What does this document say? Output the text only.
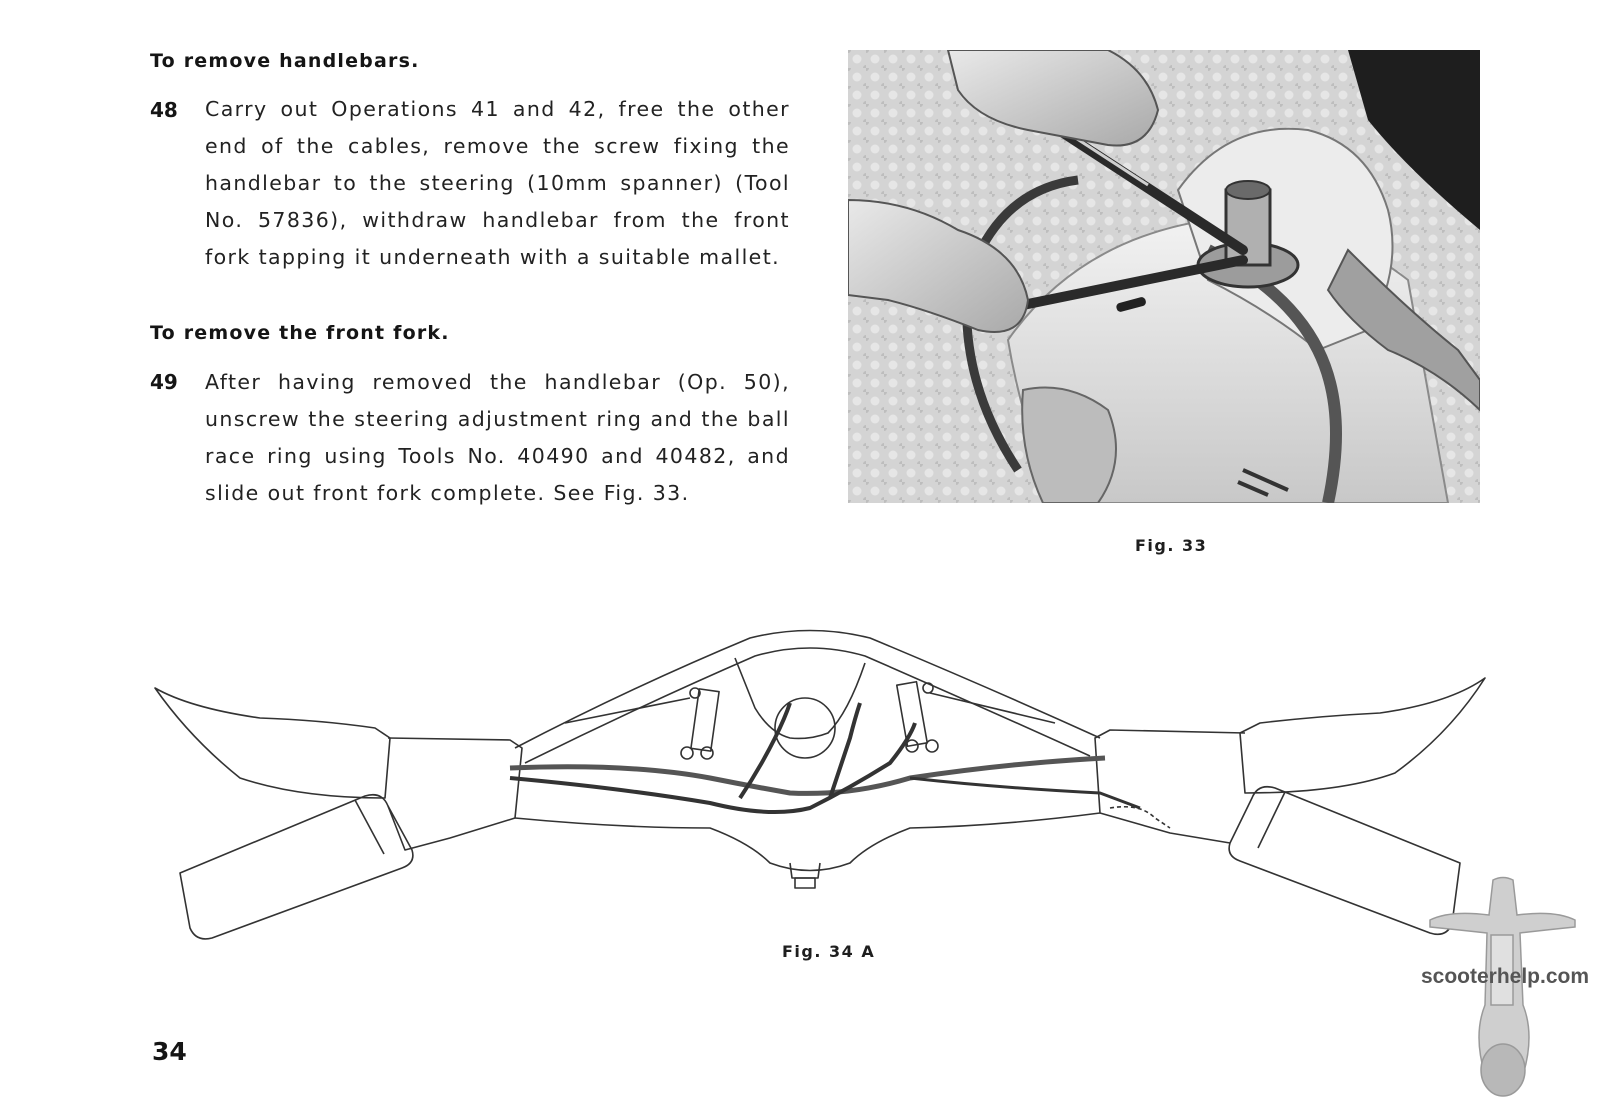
To remove handlebars.
48 Carry out Operations 41 and 42, free the other end of the cables, remove the screw fixing the handlebar to the steering (10mm spanner) (Tool No. 57836), withdraw handlebar from the front fork tapping it underneath with a suitable mallet.

To remove the front fork.
49 After having removed the handlebar (Op. 50), unscrew the steering adjustment ring and the ball race ring using Tools No. 40490 and 40482, and slide out front fork complete. See Fig. 33.

Fig. 33
Fig. 34 A
34
scooterhelp.com
